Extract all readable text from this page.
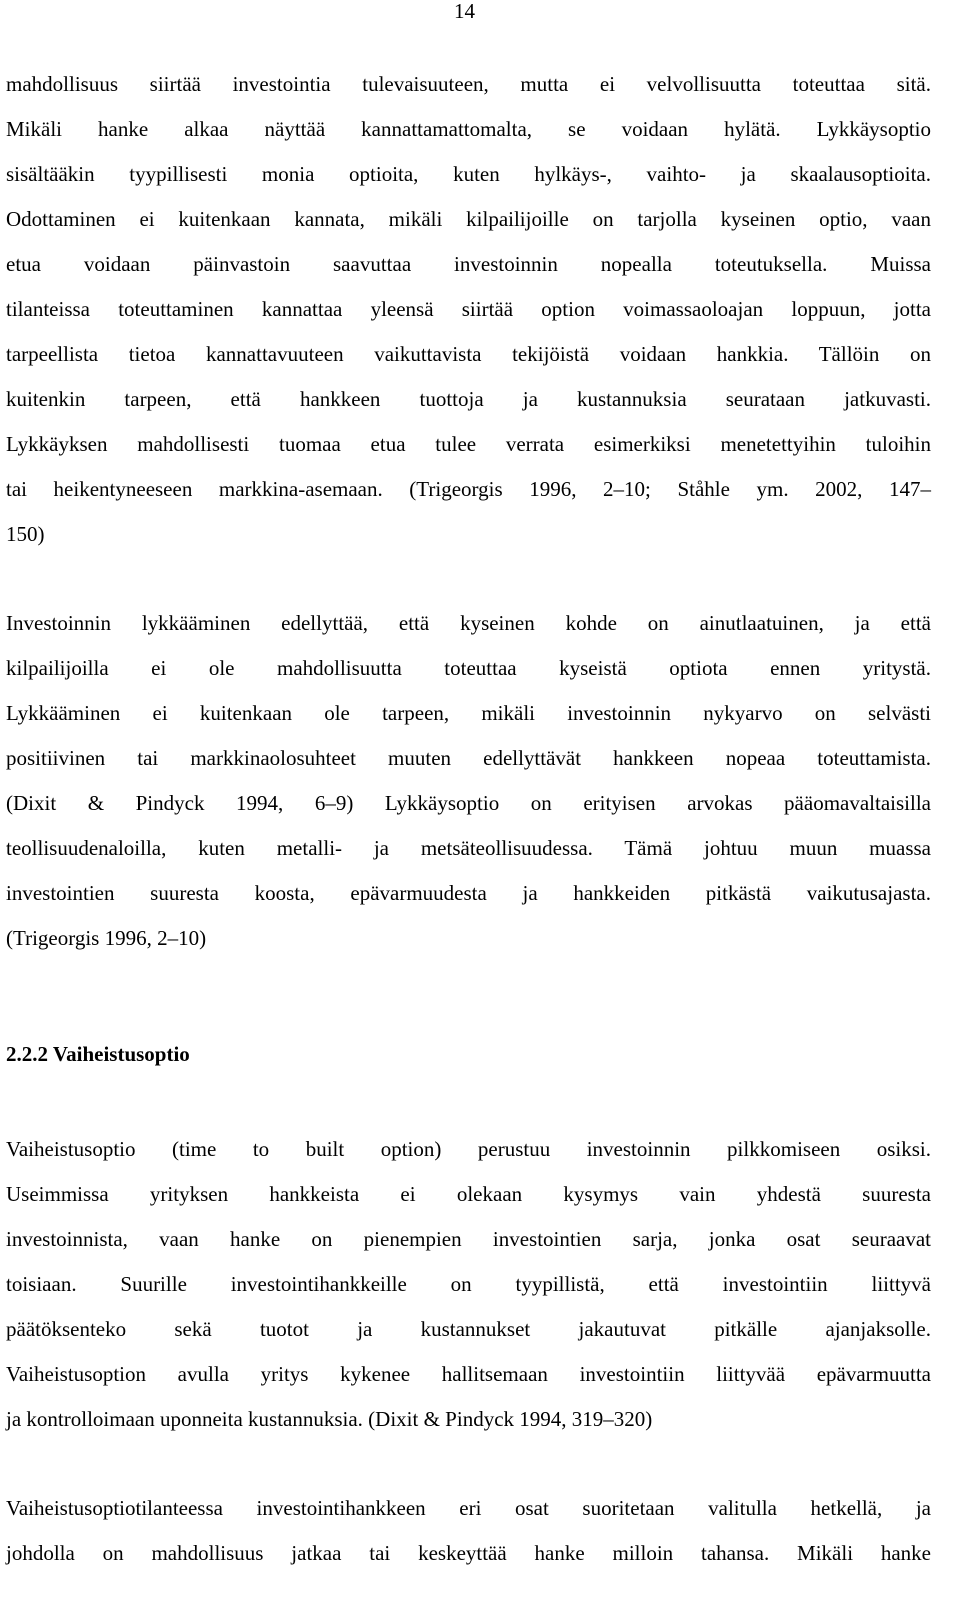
14
mahdollisuus siirtää investointia tulevaisuuteen, mutta ei velvollisuutta toteuttaa sitä.
Mikäli hanke alkaa näyttää kannattamattomalta, se voidaan hylätä. Lykkäysoptio
sisältääkin tyypillisesti monia optioita, kuten hylkäys-, vaihto- ja skaalausoptioita.
Odottaminen ei kuitenkaan kannata, mikäli kilpailijoille on tarjolla kyseinen optio, vaan
etua voidaan päinvastoin saavuttaa investoinnin nopealla toteutuksella. Muissa
tilanteissa toteuttaminen kannattaa yleensä siirtää option voimassaoloajan loppuun, jotta
tarpeellista tietoa kannattavuuteen vaikuttavista tekijöistä voidaan hankkia. Tällöin on
kuitenkin tarpeen, että hankkeen tuottoja ja kustannuksia seurataan jatkuvasti.
Lykkäyksen mahdollisesti tuomaa etua tulee verrata esimerkiksi menetettyihin tuloihin
tai heikentyneeseen markkina-asemaan. (Trigeorgis 1996, 2–10; Ståhle ym. 2002, 147–
150)
Investoinnin lykkääminen edellyttää, että kyseinen kohde on ainutlaatuinen, ja että
kilpailijoilla ei ole mahdollisuutta toteuttaa kyseistä optiota ennen yritystä.
Lykkääminen ei kuitenkaan ole tarpeen, mikäli investoinnin nykyarvo on selvästi
positiivinen tai markkinaolosuhteet muuten edellyttävät hankkeen nopeaa toteuttamista.
(Dixit & Pindyck 1994, 6–9) Lykkäysoptio on erityisen arvokas pääomavaltaisilla
teollisuudenaloilla, kuten metalli- ja metsäteollisuudessa. Tämä johtuu muun muassa
investointien suuresta koosta, epävarmuudesta ja hankkeiden pitkästä vaikutusajasta.
(Trigeorgis 1996, 2–10)
2.2.2 Vaiheistusoptio
Vaiheistusoptio (time to built option) perustuu investoinnin pilkkomiseen osiksi.
Useimmissa yrityksen hankkeista ei olekaan kysymys vain yhdestä suuresta
investoinnista, vaan hanke on pienempien investointien sarja, jonka osat seuraavat
toisiaan. Suurille investointihankkeille on tyypillistä, että investointiin liittyvä
päätöksenteko sekä tuotot ja kustannukset jakautuvat pitkälle ajanjaksolle.
Vaiheistusoption avulla yritys kykenee hallitsemaan investointiin liittyvää epävarmuutta
ja kontrolloimaan uponneita kustannuksia. (Dixit & Pindyck 1994, 319–320)
Vaiheistusoptiotilanteessa investointihankkeen eri osat suoritetaan valitulla hetkellä, ja
johdolla on mahdollisuus jatkaa tai keskeyttää hanke milloin tahansa. Mikäli hanke
